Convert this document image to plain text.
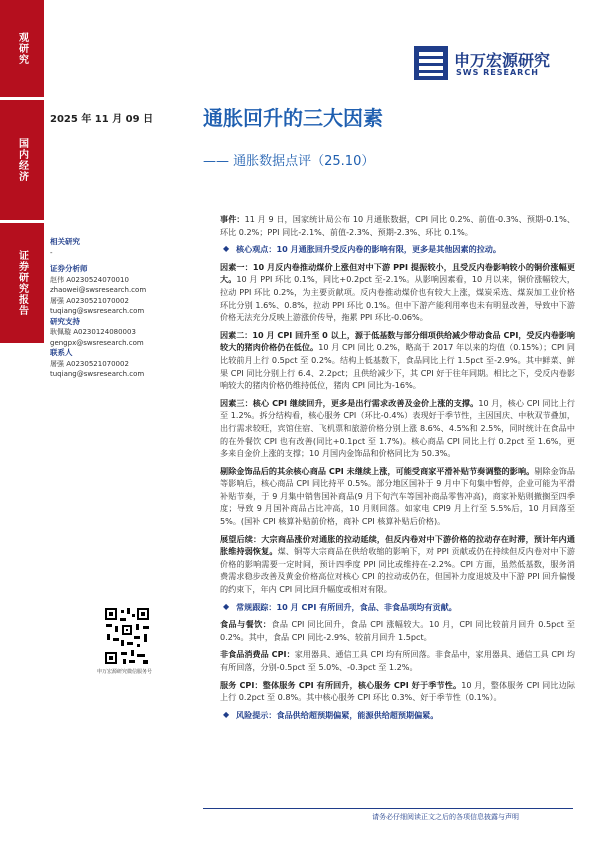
观研究
国内经济
证券研究报告
申万宏源研究
SWS RESEARCH
2025 年 11 月 09 日 通胀回升的三大因素
—— 通胀数据点评（25.10）
相关研究
-
证券分析师
赵伟 A0230524070010
zhaowei@swsresearch.com
屠强 A0230521070002
tuqiang@swsresearch.com
研究支持
耿佩璇 A0230124080003
gengpx@swsresearch.com
联系人
屠强 A0230521070002
tuqiang@swsresearch.com
申万宏源研究微信服务号

事件：11 月 9 日，国家统计局公布 10 月通胀数据，CPI 同比 0.2%、前值-0.3%、预期-0.1%、环比 0.2%；PPI 同比-2.1%、前值-2.3%、预期-2.3%、环比 0.1%。

◆ 核心观点：10 月通胀回升受反内卷的影响有限，更多是其他因素的拉动。

因素一：10 月反内卷推动煤价上涨但对中下游 PPI 提振较小，且受反内卷影响较小的铜价涨幅更大。10 月 PPI 环比 0.1%，同比+0.2pct 至-2.1%。从影响因素看，10 月以来，铜价涨幅较大，拉动 PPI 环比 0.2%，为主要贡献项。反内卷推动煤价也有较大上涨，煤炭采选、煤炭加工业价格环比分别 1.6%、0.8%，拉动 PPI 环比 0.1%。但中下游产能利用率也未有明显改善，导致中下游价格无法充分反映上游涨价传导，拖累 PPI 环比-0.06%。

因素二：10 月 CPI 回升至 0 以上，源于低基数与部分细项供给减少带动食品 CPI，受反内卷影响较大的猪肉价格仍在低位。10 月 CPI 同比 0.2%，略高于 2017 年以来的均值（0.15%）；CPI 同比较前月上行 0.5pct 至 0.2%。结构上低基数下，食品同比上行 1.5pct 至-2.9%。其中鲜菜、鲜果 CPI 同比分别上行 6.4、2.2pct；且供给减少下，其 CPI 好于往年同期。相比之下，受反内卷影响较大的猪肉价格仍维持低位，猪肉 CPI 同比为-16%。

因素三：核心 CPI 继续回升，更多是出行需求改善及金价上涨的支撑。10 月，核心 CPI 同比上行至 1.2%。拆分结构看，核心服务 CPI（环比-0.4%）表现好于季节性，主因国庆、中秋双节叠加，出行需求较旺，宾馆住宿、飞机票和旅游价格分别上涨 8.6%、4.5%和 2.5%，同时统计在食品中的在外餐饮 CPI 也有改善(同比+0.1pct 至 1.7%)。核心商品 CPI 同比上行 0.2pct 至 1.6%，更多来自金价上涨的支撑；10 月国内金饰品和价格同比为 50.3%。

剔除金饰品后的其余核心商品 CPI 未继续上涨，可能受商家平滑补贴节奏调整的影响。剔除金饰品等影响后，核心商品 CPI 同比持平 0.5%。部分地区国补于 9 月中下旬集中暂停，企业可能为平滑补贴节奏，于 9 月集中销售国补商品(9 月下旬汽车等国补商品零售冲高)，商家补贴则撤搁至四季度；导致 9 月国补商品占比冲高，10 月则回落。如家电 CPI9 月上行至 5.5%后，10 月回落至 5%。(国补 CPI 核算补贴前价格，商补 CPI 核算补贴后价格)。

展望后续：大宗商品涨价对通胀的拉动延续，但反内卷对中下游价格的拉动存在时滞，预计年内通胀维持弱恢复。煤、铜等大宗商品在供给收缩的影响下，对 PPI 贡献或仍在持续但反内卷对中下游价格的影响需要一定时间，预计四季度 PPI 同比或维持在-2.2%。CPI 方面，虽然低基数，服务消费需求稳步改善及黄金价格高位对核心 CPI 的拉动或仍在，但国补力度退坡及中下游 PPI 回升偏慢的约束下，年内 CPI 同比回升幅度或相对有限。

◆ 常规跟踪：10 月 CPI 有所回升，食品、非食品项均有贡献。

食品与餐饮：食品 CPI 同比回升，食品 CPI 涨幅较大。10 月，CPI 同比较前月回升 0.5pct 至 0.2%。其中，食品 CPI 同比-2.9%、较前月回升 1.5pct。

非食品消费品 CPI：家用器具、通信工具 CPI 均有所回落。非食品中，家用器具、通信工具 CPI 均有所回落，分别-0.5pct 至 5.0%、-0.3pct 至 1.2%。

服务 CPI：整体服务 CPI 有所回升，核心服务 CPI 好于季节性。10 月，整体服务 CPI 同比边际上行 0.2pct 至 0.8%。其中核心服务 CPI 环比 0.3%、好于季节性（0.1%）。

◆ 风险提示：食品供给超预期偏紧，能源供给超预期偏紧。

请务必仔细阅读正文之后的各项信息披露与声明
